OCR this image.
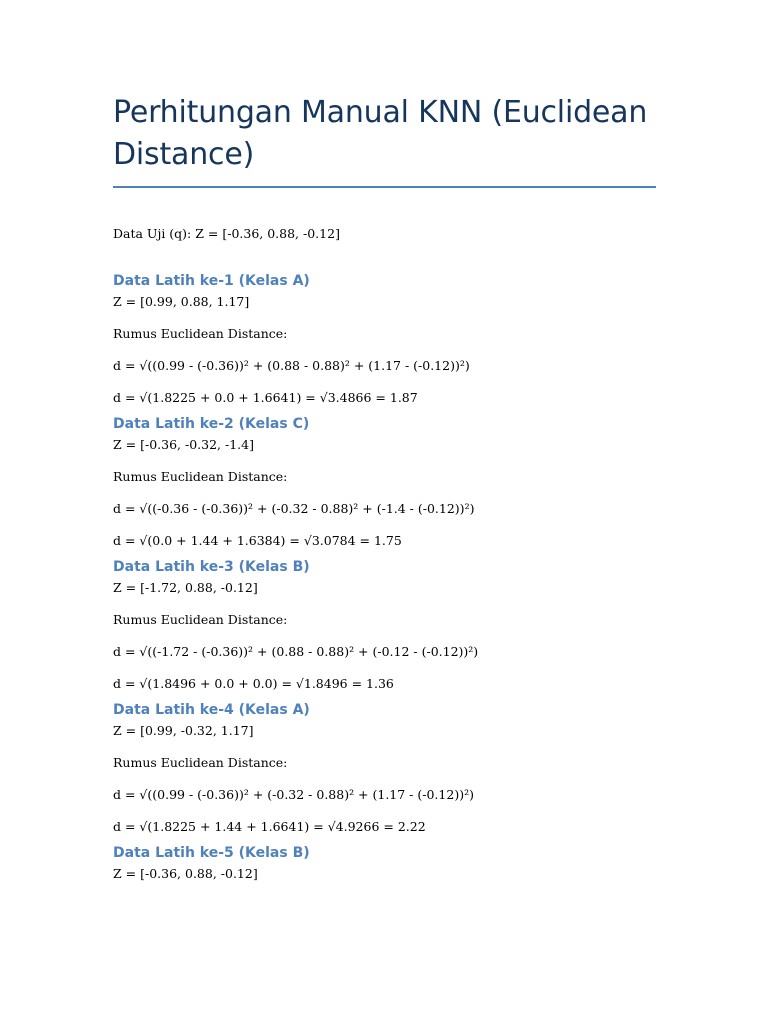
Perhitungan Manual KNN (Euclidean Distance)
Data Uji (q): Z = [-0.36, 0.88, -0.12]
Data Latih ke-1 (Kelas A)
Z = [0.99, 0.88, 1.17]
Rumus Euclidean Distance:
d = √((0.99 - (-0.36))² + (0.88 - 0.88)² + (1.17 - (-0.12))²)
d = √(1.8225 + 0.0 + 1.6641) = √3.4866 = 1.87
Data Latih ke-2 (Kelas C)
Z = [-0.36, -0.32, -1.4]
Rumus Euclidean Distance:
d = √((-0.36 - (-0.36))² + (-0.32 - 0.88)² + (-1.4 - (-0.12))²)
d = √(0.0 + 1.44 + 1.6384) = √3.0784 = 1.75
Data Latih ke-3 (Kelas B)
Z = [-1.72, 0.88, -0.12]
Rumus Euclidean Distance:
d = √((-1.72 - (-0.36))² + (0.88 - 0.88)² + (-0.12 - (-0.12))²)
d = √(1.8496 + 0.0 + 0.0) = √1.8496 = 1.36
Data Latih ke-4 (Kelas A)
Z = [0.99, -0.32, 1.17]
Rumus Euclidean Distance:
d = √((0.99 - (-0.36))² + (-0.32 - 0.88)² + (1.17 - (-0.12))²)
d = √(1.8225 + 1.44 + 1.6641) = √4.9266 = 2.22
Data Latih ke-5 (Kelas B)
Z = [-0.36, 0.88, -0.12]
